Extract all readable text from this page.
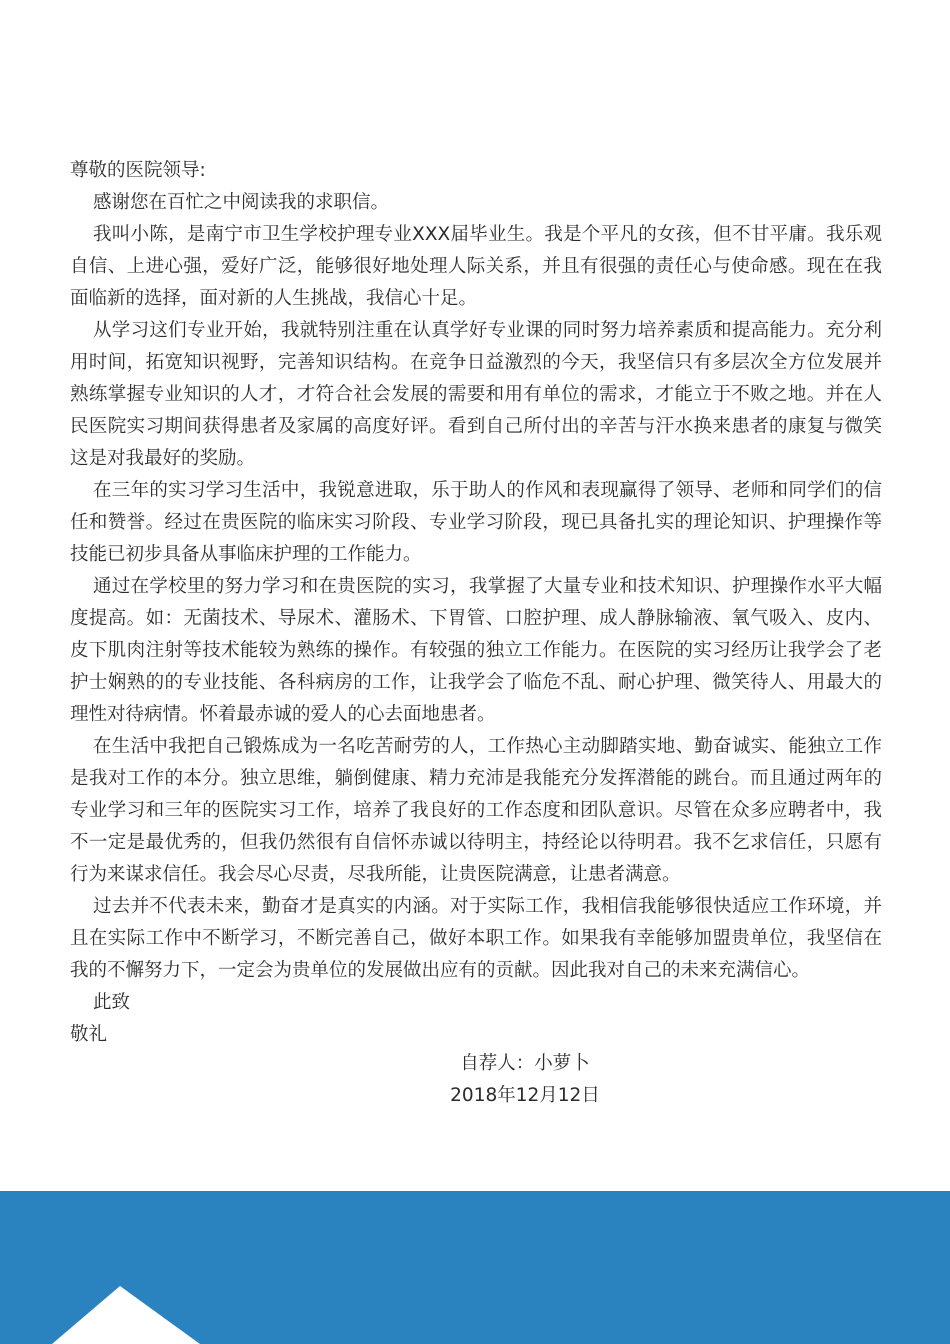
尊敬的医院领导:

感谢您在百忙之中阅读我的求职信。

我叫小陈，是南宁市卫生学校护理专业XXX届毕业生。我是个平凡的女孩，但不甘平庸。我乐观自信、上进心强，爱好广泛，能够很好地处理人际关系，并且有很强的责任心与使命感。现在在我面临新的选择，面对新的人生挑战，我信心十足。

从学习这们专业开始，我就特别注重在认真学好专业课的同时努力培养素质和提高能力。充分利用时间，拓宽知识视野，完善知识结构。在竞争日益激烈的今天，我坚信只有多层次全方位发展并熟练掌握专业知识的人才，才符合社会发展的需要和用有单位的需求，才能立于不败之地。并在人民医院实习期间获得患者及家属的高度好评。看到自己所付出的辛苦与汗水换来患者的康复与微笑这是对我最好的奖励。

在三年的实习学习生活中，我锐意进取，乐于助人的作风和表现赢得了领导、老师和同学们的信任和赞誉。经过在贵医院的临床实习阶段、专业学习阶段，现已具备扎实的理论知识、护理操作等技能已初步具备从事临床护理的工作能力。

通过在学校里的努力学习和在贵医院的实习，我掌握了大量专业和技术知识、护理操作水平大幅度提高。如：无菌技术、导尿术、灌肠术、下胃管、口腔护理、成人静脉输液、氧气吸入、皮内、皮下肌肉注射等技术能较为熟练的操作。有较强的独立工作能力。在医院的实习经历让我学会了老护士娴熟的的专业技能、各科病房的工作，让我学会了临危不乱、耐心护理、微笑待人、用最大的理性对待病情。怀着最赤诚的爱人的心去面地患者。

在生活中我把自己锻炼成为一名吃苦耐劳的人，工作热心主动脚踏实地、勤奋诚实、能独立工作是我对工作的本分。独立思维，躺倒健康、精力充沛是我能充分发挥潜能的跳台。而且通过两年的专业学习和三年的医院实习工作，培养了我良好的工作态度和团队意识。尽管在众多应聘者中，我不一定是最优秀的，但我仍然很有自信怀赤诚以待明主，持经论以待明君。我不乞求信任，只愿有行为来谋求信任。我会尽心尽责，尽我所能，让贵医院满意，让患者满意。

过去并不代表未来，勤奋才是真实的内涵。对于实际工作，我相信我能够很快适应工作环境，并且在实际工作中不断学习，不断完善自己，做好本职工作。如果我有幸能够加盟贵单位，我坚信在我的不懈努力下，一定会为贵单位的发展做出应有的贡献。因此我对自己的未来充满信心。

此致

敬礼

自荐人：小萝卜
2018年12月12日
